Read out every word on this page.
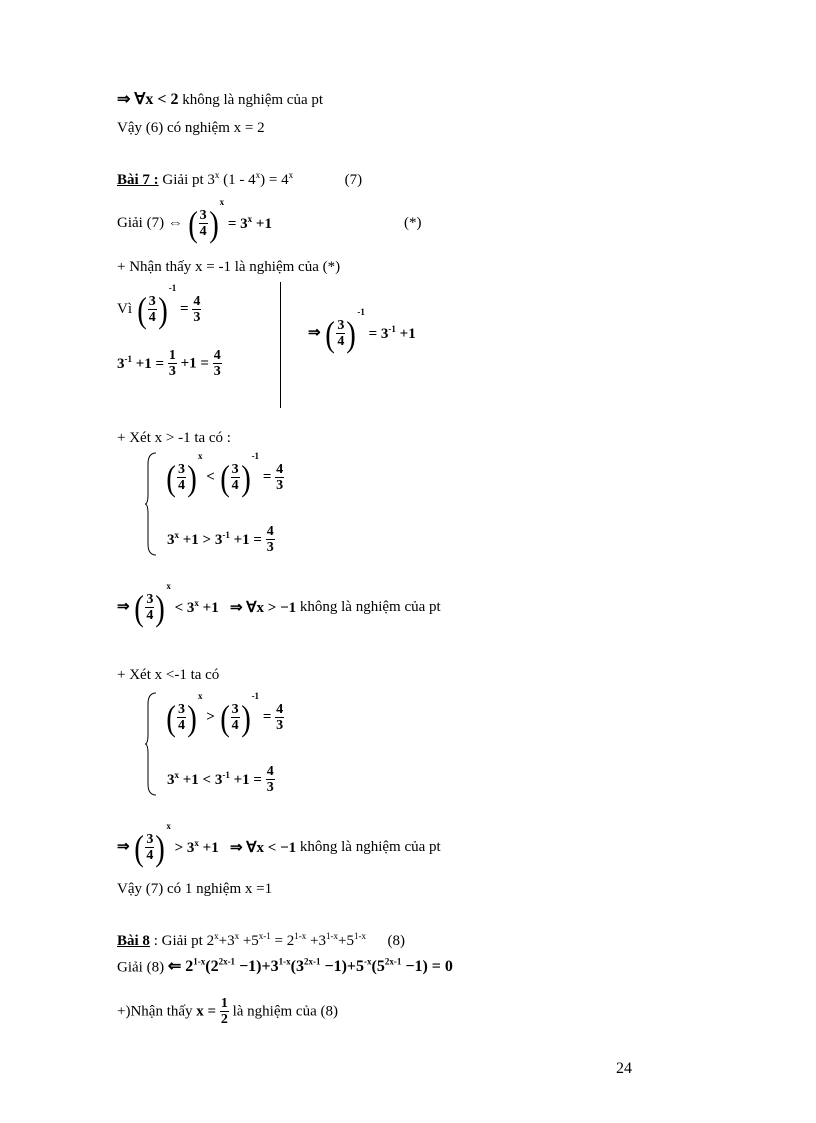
⇒ ∀x < 2 không là nghiệm của pt
Vậy (6) có nghiệm x = 2
Bài 7 : Giải pt 3$^x$ $(1 - 4^x) = 4^x$	(7)
Giải (7) ⇔ ( $\frac{3}{4} )^x = 3^x +1$	(*)
+ Nhận thấy x = -1 là nghiệm của (*)
Vì ( $\frac{3}{4} )^{-1} = \frac{4}{3}$
$3^{-1} +1 = \frac{1}{3} +1 = \frac{4}{3}$
⇒ ( $\frac{3}{4} )^{-1} = 3^{-1} +1$
+ Xét x > -1 ta có :
( $\frac{3}{4} )^x$ < ( $\frac{3}{4} )^{-1} = \frac{4}{3}$
$3^x +1 > 3^{-1} +1 = \frac{4}{3}$
⇒ ( $\frac{3}{4} )^x < 3^x +1$   ⇒ ∀x > −1 không là nghiệm của pt
+ Xét x <-1 ta có
( $\frac{3}{4} )^x$ > ( $\frac{3}{4} )^{-1} = \frac{4}{3}$
$3^x +1 < 3^{-1} +1 = \frac{4}{3}$
⇒ ( $\frac{3}{4} )^x > 3^x +1$   ⇒ ∀x < −1 không là nghiệm của pt
Vậy (7) có 1 nghiệm x =1
Bài 8 : Giải pt $2^x+3^x +5^{x-1} = 2^{1-x} +3^{1-x}+5^{1-x}$ (8)
Giải (8) ⇐ $2^{1-x}(2^{2x-1} -1)+3^{1-x}(3^{2x-1} -1)+5^{-x}(5^{2x-1} -1) = 0$
+)Nhận thấy $x = \frac{1}{2}$ là nghiệm của (8)
24
